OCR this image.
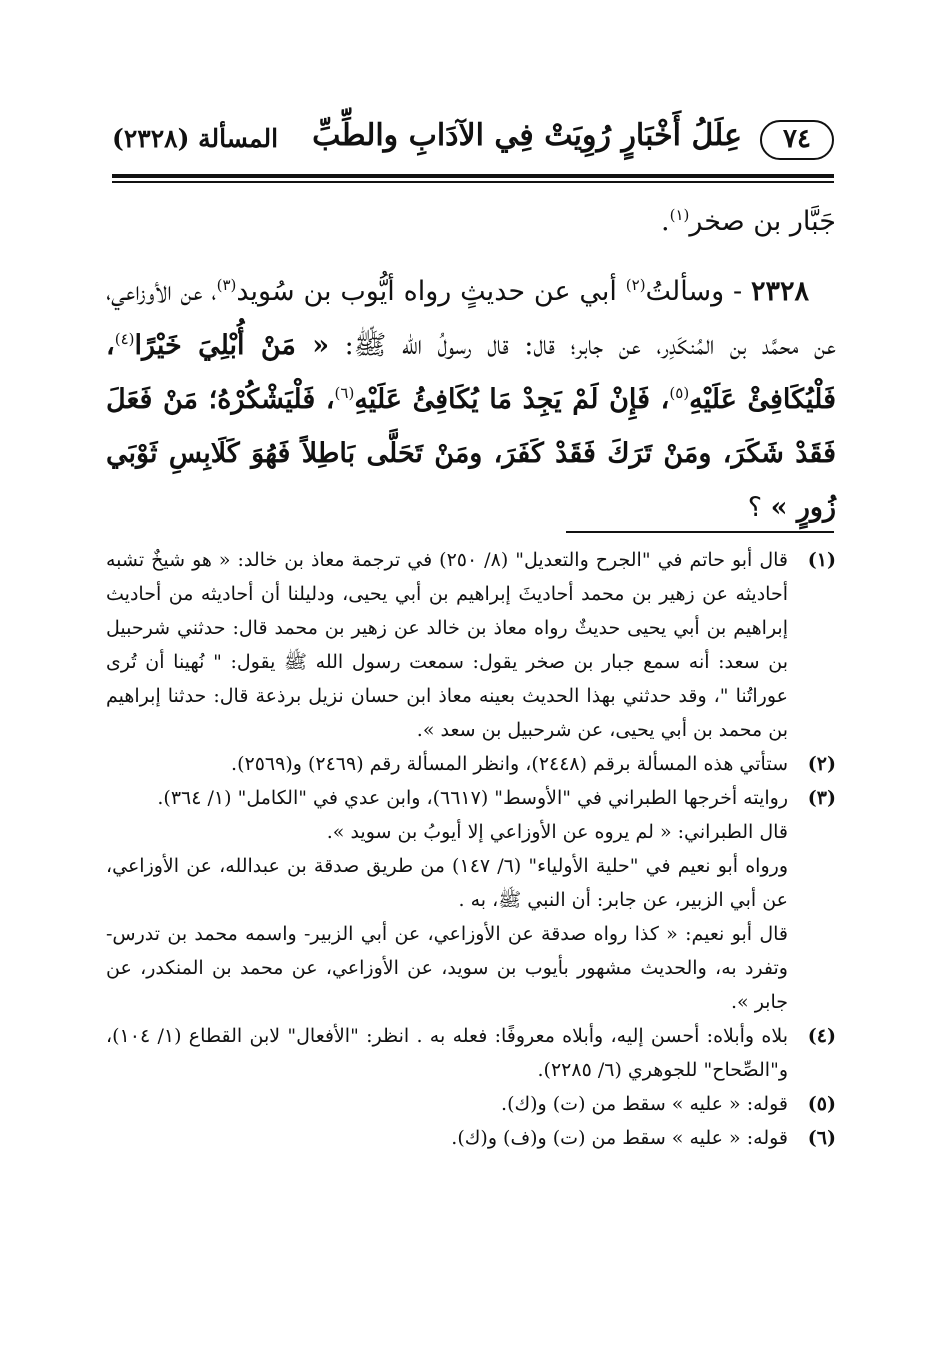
٧٤
عِلَلُ أَخْبَارٍ رُوِيَتْ فِي الآدَابِ والطِّبِّ
المسألة (٢٣٢٨)

جَبَّار بن صخر$^{(١)}$.

 ٢٣٢٨ - وسألتُ$^{(٢)}$ أبي عن حديثٍ رواه أيُّوب بن سُويد$^{(٣)}$، عن الأوزاعي، عن محمَّد بن المُنكَدِر، عن جابر؛ قال: قال رسولُ الله ﷺ: « مَنْ أُبْلِيَ خَيْرًا$^{(٤)}$، فَلْيُكَافِئْ عَلَيْهِ$^{(٥)}$، فَإِنْ لَمْ يَجِدْ مَا يُكَافِئُ عَلَيْهِ$^{(٦)}$، فَلْيَشْكُرْهُ؛ مَنْ فَعَلَ فَقَدْ شَكَرَ، ومَنْ تَرَكَ فَقَدْ كَفَرَ، ومَنْ تَحَلَّى بَاطِلاً فَهُوَ كَلَابِسِ ثَوْبَي زُورٍ » ؟

(١)

قال أبو حاتم في "الجرح والتعديل" (٨/ ٢٥٠) في ترجمة معاذ بن خالد: « هو شيخٌ تشبه أحاديثه عن زهير بن محمد أحاديثَ إبراهيم بن أبي يحيى، ودليلنا أن أحاديثه من أحاديث إبراهيم بن أبي يحيى حديثٌ رواه معاذ بن خالد عن زهير بن محمد قال: حدثني شرحبيل بن سعد: أنه سمع جبار بن صخر يقول: سمعت رسول الله ﷺ يقول: " نُهينا أن تُرى عوراتُنا "، وقد حدثني بهذا الحديث بعينه معاذ ابن حسان نزيل برذعة قال: حدثنا إبراهيم بن محمد بن أبي يحيى، عن شرحبيل بن سعد ».

(٢)

ستأتي هذه المسألة برقم (٢٤٤٨)، وانظر المسألة رقم (٢٤٦٩) و(٢٥٦٩).

(٣)

روايته أخرجها الطبراني في "الأوسط" (٦٦١٧)، وابن عدي في "الكامل" (١/ ٣٦٤).

قال الطبراني: « لم يروه عن الأوزاعي إلا أيوبُ بن سويد ».

ورواه أبو نعيم في "حلية الأولياء" (٦/ ١٤٧) من طريق صدقة بن عبدالله، عن الأوزاعي، عن أبي الزبير، عن جابر: أن النبي ﷺ، به .

قال أبو نعيم: « كذا رواه صدقة عن الأوزاعي، عن أبي الزبير- واسمه محمد بن تدرس- وتفرد به، والحديث مشهور بأيوب بن سويد، عن الأوزاعي، عن محمد بن المنكدر، عن جابر ».

(٤)

بلاه وأبلاه: أحسن إليه، وأبلاه معروفًا: فعله به . انظر: "الأفعال" لابن القطاع (١/ ١٠٤)، و"الصِّحاح" للجوهري (٦/ ٢٢٨٥).

(٥)

قوله: « عليه » سقط من (ت) و(ك).

(٦)

قوله: « عليه » سقط من (ت) و(ف) و(ك).
